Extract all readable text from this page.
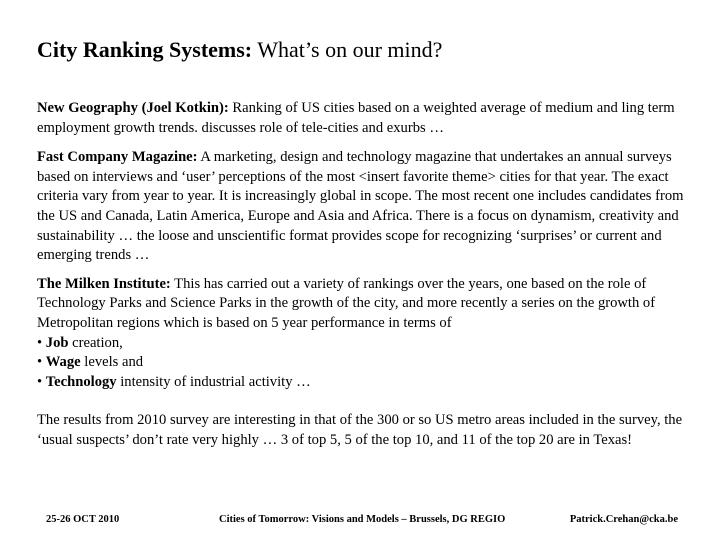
City Ranking Systems: What’s on our mind?

New Geography (Joel Kotkin): Ranking of US cities based on a weighted average of medium and ling term employment growth trends. discusses role of tele-cities and exurbs …

Fast Company Magazine: A marketing, design and technology magazine that undertakes an annual surveys based on interviews and ‘user’ perceptions of the most <insert favorite theme> cities for that year. The exact criteria vary from year to year. It is increasingly global in scope. The most recent one includes candidates from the US and Canada, Latin America, Europe and Asia and Africa. There is a focus on dynamism, creativity and sustainability … the loose and unscientific format provides scope for recognizing ‘surprises’ or current and emerging trends …

The Milken Institute: This has carried out a variety of rankings over the years, one based on the role of Technology Parks and Science Parks in the growth of the city, and more recently a series on the growth of Metropolitan regions which is based on 5 year performance in terms of

• Job creation,
• Wage levels and
• Technology intensity of industrial activity …

The results from 2010 survey are interesting in that of the 300 or so US metro areas included in the survey, the ‘usual suspects’ don’t rate very highly … 3 of top 5, 5 of the top 10, and 11 of the top 20 are in Texas!

25-26 OCT 2010	Cities of Tomorrow: Visions and Models – Brussels, DG REGIO	Patrick.Crehan@cka.be
